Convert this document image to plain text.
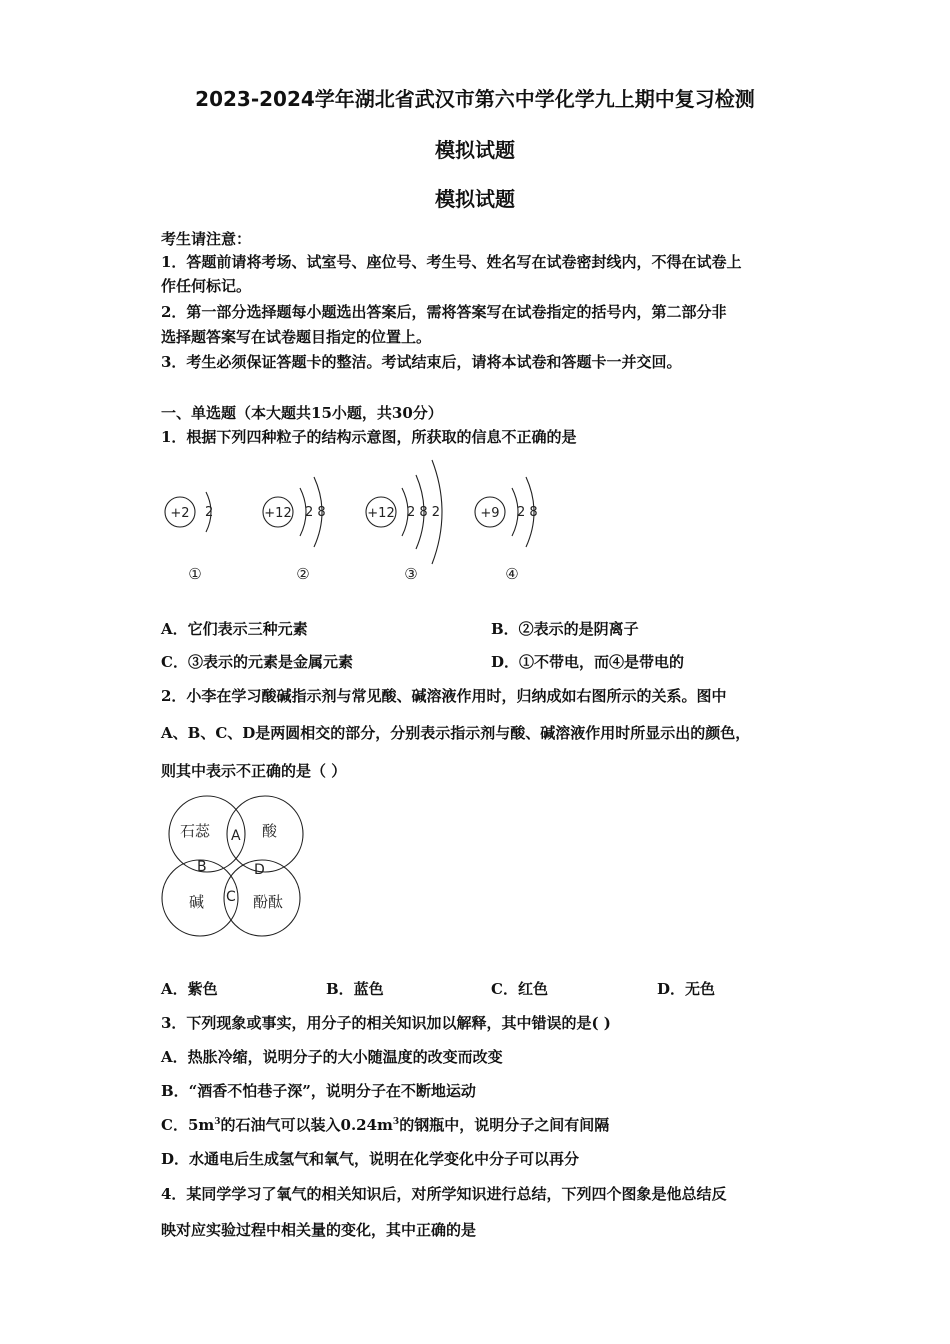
2023-2024学年湖北省武汉市第六中学化学九上期中复习检测
模拟试题
模拟试题
考生请注意：
1．答题前请将考场、试室号、座位号、考生号、姓名写在试卷密封线内，不得在试卷上
作任何标记。
2．第一部分选择题每小题选出答案后，需将答案写在试卷指定的括号内，第二部分非
选择题答案写在试卷题目指定的位置上。
3．考生必须保证答题卡的整洁。考试结束后，请将本试卷和答题卡一并交回。
一、单选题（本大题共15小题，共30分）
1．根据下列四种粒子的结构示意图，所获取的信息不正确的是
+2 2	+12 2 8	+12 2 8 2	+9 2 8
①	②	③	④
A．它们表示三种元素	B．②表示的是阴离子
C．③表示的元素是金属元素	D．①不带电，而④是带电的
2．小李在学习酸碱指示剂与常见酸、碱溶液作用时，归纳成如右图所示的关系。图中
A、B、C、D是两圆相交的部分，分别表示指示剂与酸、碱溶液作用时所显示出的颜色，
则其中表示不正确的是（ ）
石蕊	酸
碱	酚酞
A
B	D
C
A．紫色	B．蓝色	C．红色	D．无色
3．下列现象或事实，用分子的相关知识加以解释，其中错误的是( )
A．热胀冷缩，说明分子的大小随温度的改变而改变
B．“酒香不怕巷子深”，说明分子在不断地运动
C．$5m^3$的石油气可以装入$0.24m^3$的钢瓶中，说明分子之间有间隔
D．水通电后生成氢气和氧气，说明在化学变化中分子可以再分
4．某同学学习了氧气的相关知识后，对所学知识进行总结，下列四个图象是他总结反
映对应实验过程中相关量的变化，其中正确的是
